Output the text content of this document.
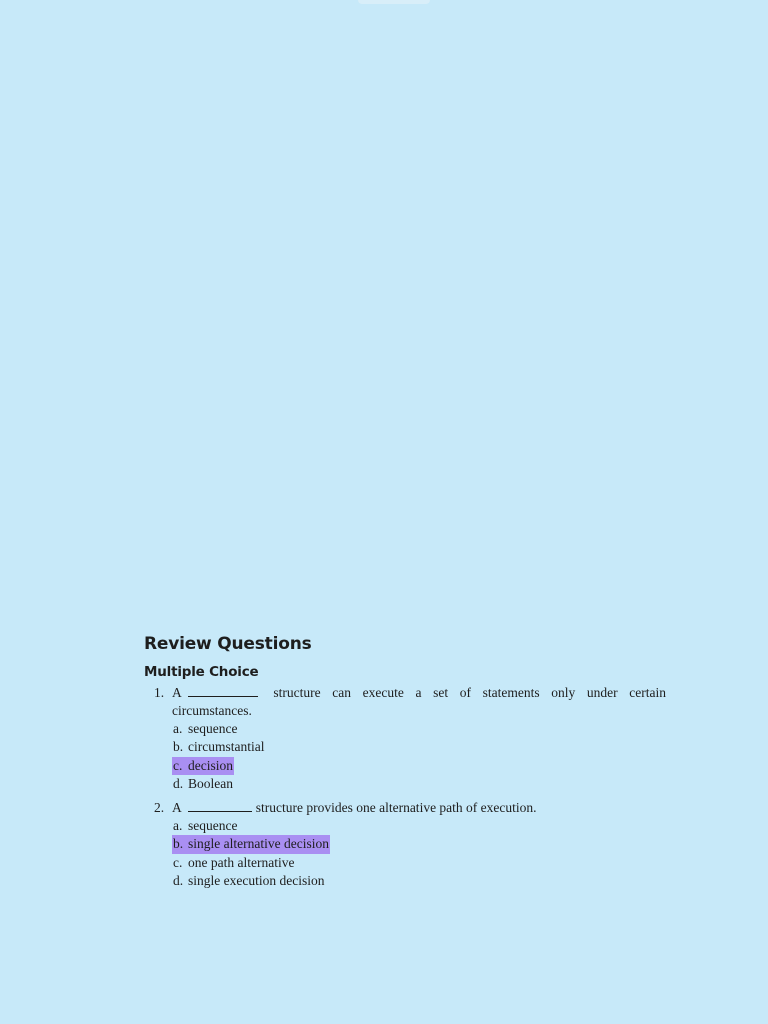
Review Questions
Multiple Choice
1. A	structure can execute a set of statements only under certain circumstances.
a. sequence
b. circumstantial
c. decision
d. Boolean
2. A	structure provides one alternative path of execution.
a. sequence
b. single alternative decision
c. one path alternative
d. single execution decision
